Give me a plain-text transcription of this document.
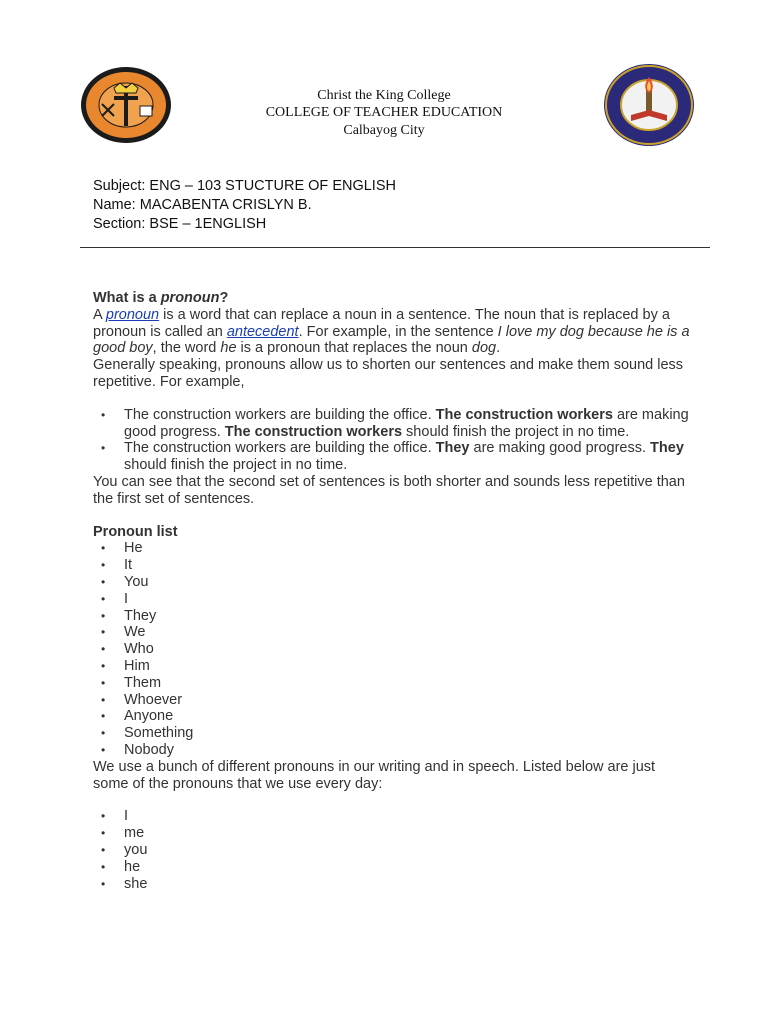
Christ the King College
COLLEGE OF TEACHER EDUCATION
Calbayog City
Subject: ENG – 103 STUCTURE OF ENGLISH
Name: MACABENTA CRISLYN B.
Section: BSE – 1ENGLISH

What is a pronoun?

A pronoun is a word that can replace a noun in a sentence. The noun that is replaced by a pronoun is called an antecedent. For example, in the sentence I love my dog because he is a good boy, the word he is a pronoun that replaces the noun dog.

Generally speaking, pronouns allow us to shorten our sentences and make them sound less repetitive. For example,

• The construction workers are building the office. The construction workers are making good progress. The construction workers should finish the project in no time.
• The construction workers are building the office. They are making good progress. They should finish the project in no time.

You can see that the second set of sentences is both shorter and sounds less repetitive than the first set of sentences.

Pronoun list

• He
• It
• You
• I
• They
• We
• Who
• Him
• Them
• Whoever
• Anyone
• Something
• Nobody

We use a bunch of different pronouns in our writing and in speech. Listed below are just some of the pronouns that we use every day:

• I
• me
• you
• he
• she
